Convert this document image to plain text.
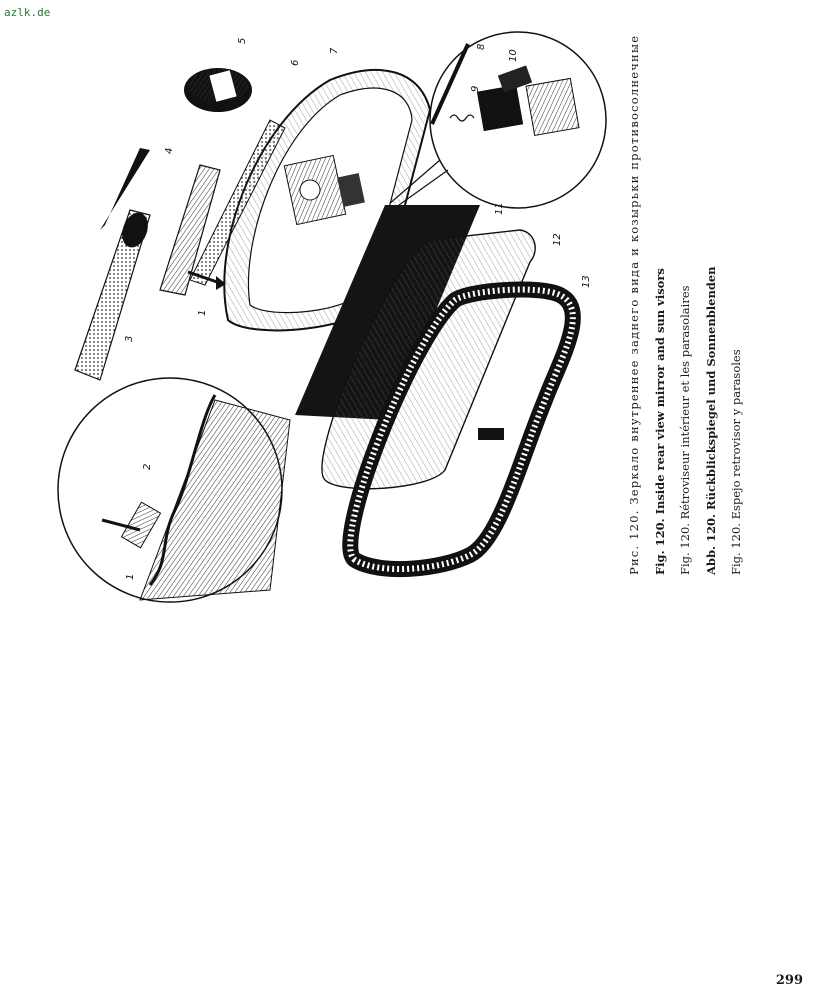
azlk.de
1
2
3
4
5
6
7
8
9
10
11
12
13
1
Рис. 120. Зеркало внутреннее заднего вида и козырьки противосолнечные	Fig. 120. Inside rear view mirror and sun visors	Fig. 120. Rétroviseur intérieur et les parasolaires	Abb. 120. Rückblickspiegel und Sonnenblenden	Fig. 120. Espejo retrovisor y parasoles
299
